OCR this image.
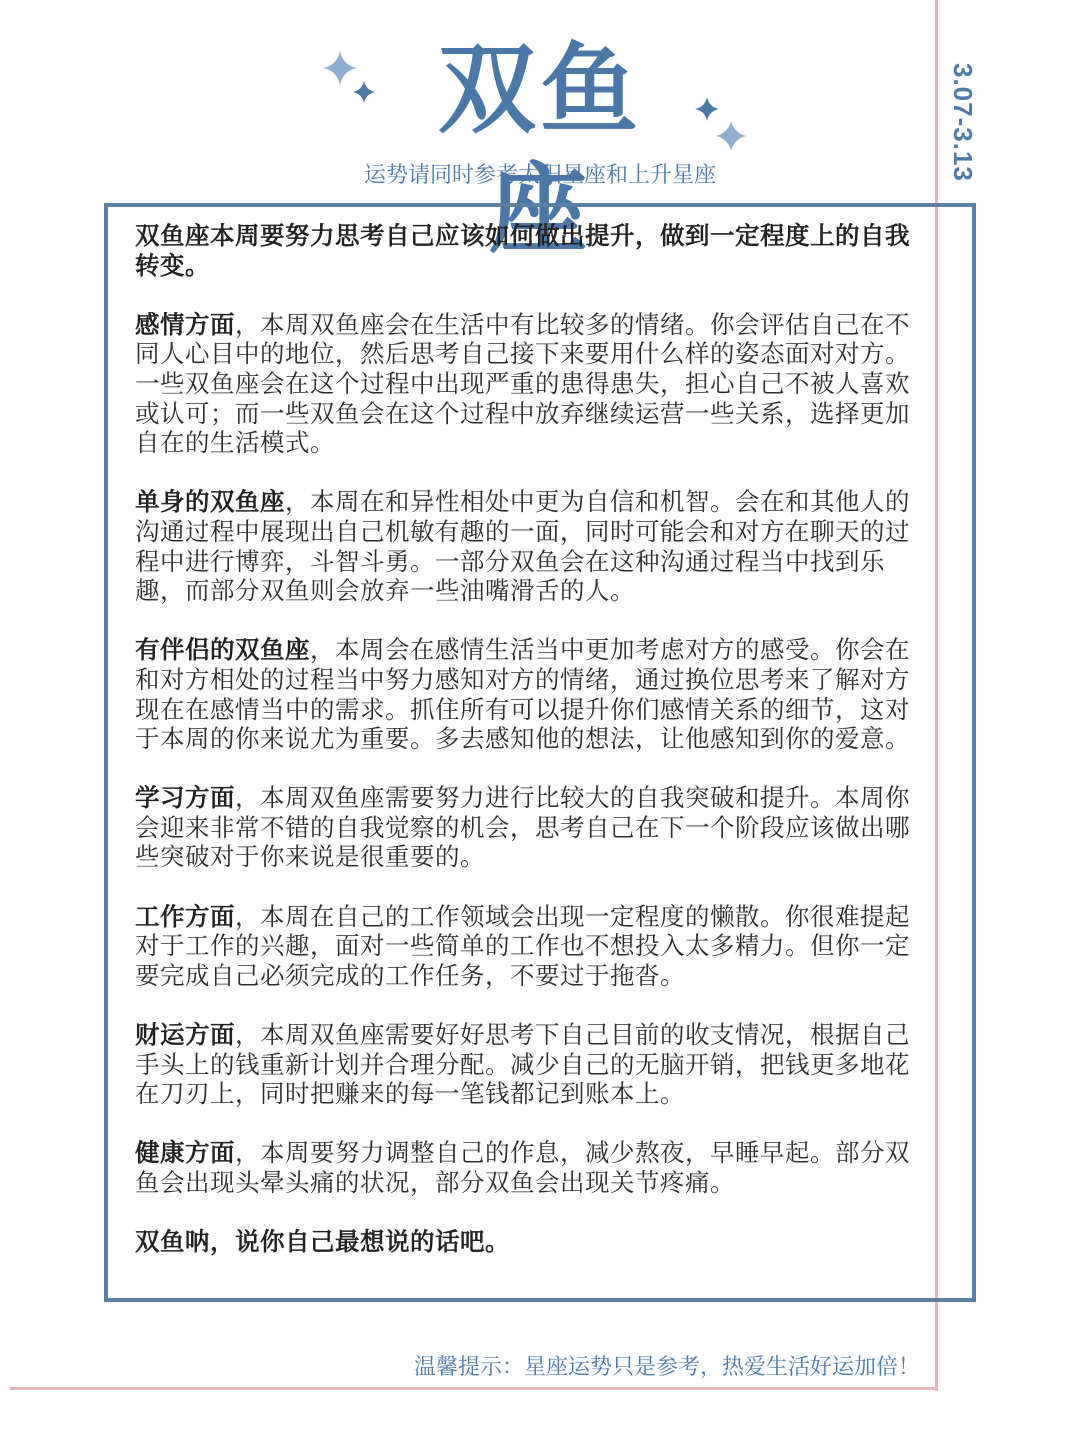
3.07-3.13
双鱼座
运势请同时参考太阳星座和上升星座

双鱼座本周要努力思考自己应该如何做出提升，做到一定程度上的自我转变。

感情方面，本周双鱼座会在生活中有比较多的情绪。你会评估自己在不同人心目中的地位，然后思考自己接下来要用什么样的姿态面对对方。一些双鱼座会在这个过程中出现严重的患得患失，担心自己不被人喜欢或认可；而一些双鱼会在这个过程中放弃继续运营一些关系，选择更加自在的生活模式。

单身的双鱼座，本周在和异性相处中更为自信和机智。会在和其他人的沟通过程中展现出自己机敏有趣的一面，同时可能会和对方在聊天的过程中进行博弈，斗智斗勇。一部分双鱼会在这种沟通过程当中找到乐趣，而部分双鱼则会放弃一些油嘴滑舌的人。

有伴侣的双鱼座，本周会在感情生活当中更加考虑对方的感受。你会在和对方相处的过程当中努力感知对方的情绪，通过换位思考来了解对方现在在感情当中的需求。抓住所有可以提升你们感情关系的细节，这对于本周的你来说尤为重要。多去感知他的想法，让他感知到你的爱意。

学习方面，本周双鱼座需要努力进行比较大的自我突破和提升。本周你会迎来非常不错的自我觉察的机会，思考自己在下一个阶段应该做出哪些突破对于你来说是很重要的。

工作方面，本周在自己的工作领域会出现一定程度的懒散。你很难提起对于工作的兴趣，面对一些简单的工作也不想投入太多精力。但你一定要完成自己必须完成的工作任务，不要过于拖沓。

财运方面，本周双鱼座需要好好思考下自己目前的收支情况，根据自己手头上的钱重新计划并合理分配。减少自己的无脑开销，把钱更多地花在刀刃上，同时把赚来的每一笔钱都记到账本上。

健康方面，本周要努力调整自己的作息，减少熬夜，早睡早起。部分双鱼会出现头晕头痛的状况，部分双鱼会出现关节疼痛。

双鱼呐，说你自己最想说的话吧。

温馨提示：星座运势只是参考，热爱生活好运加倍！
